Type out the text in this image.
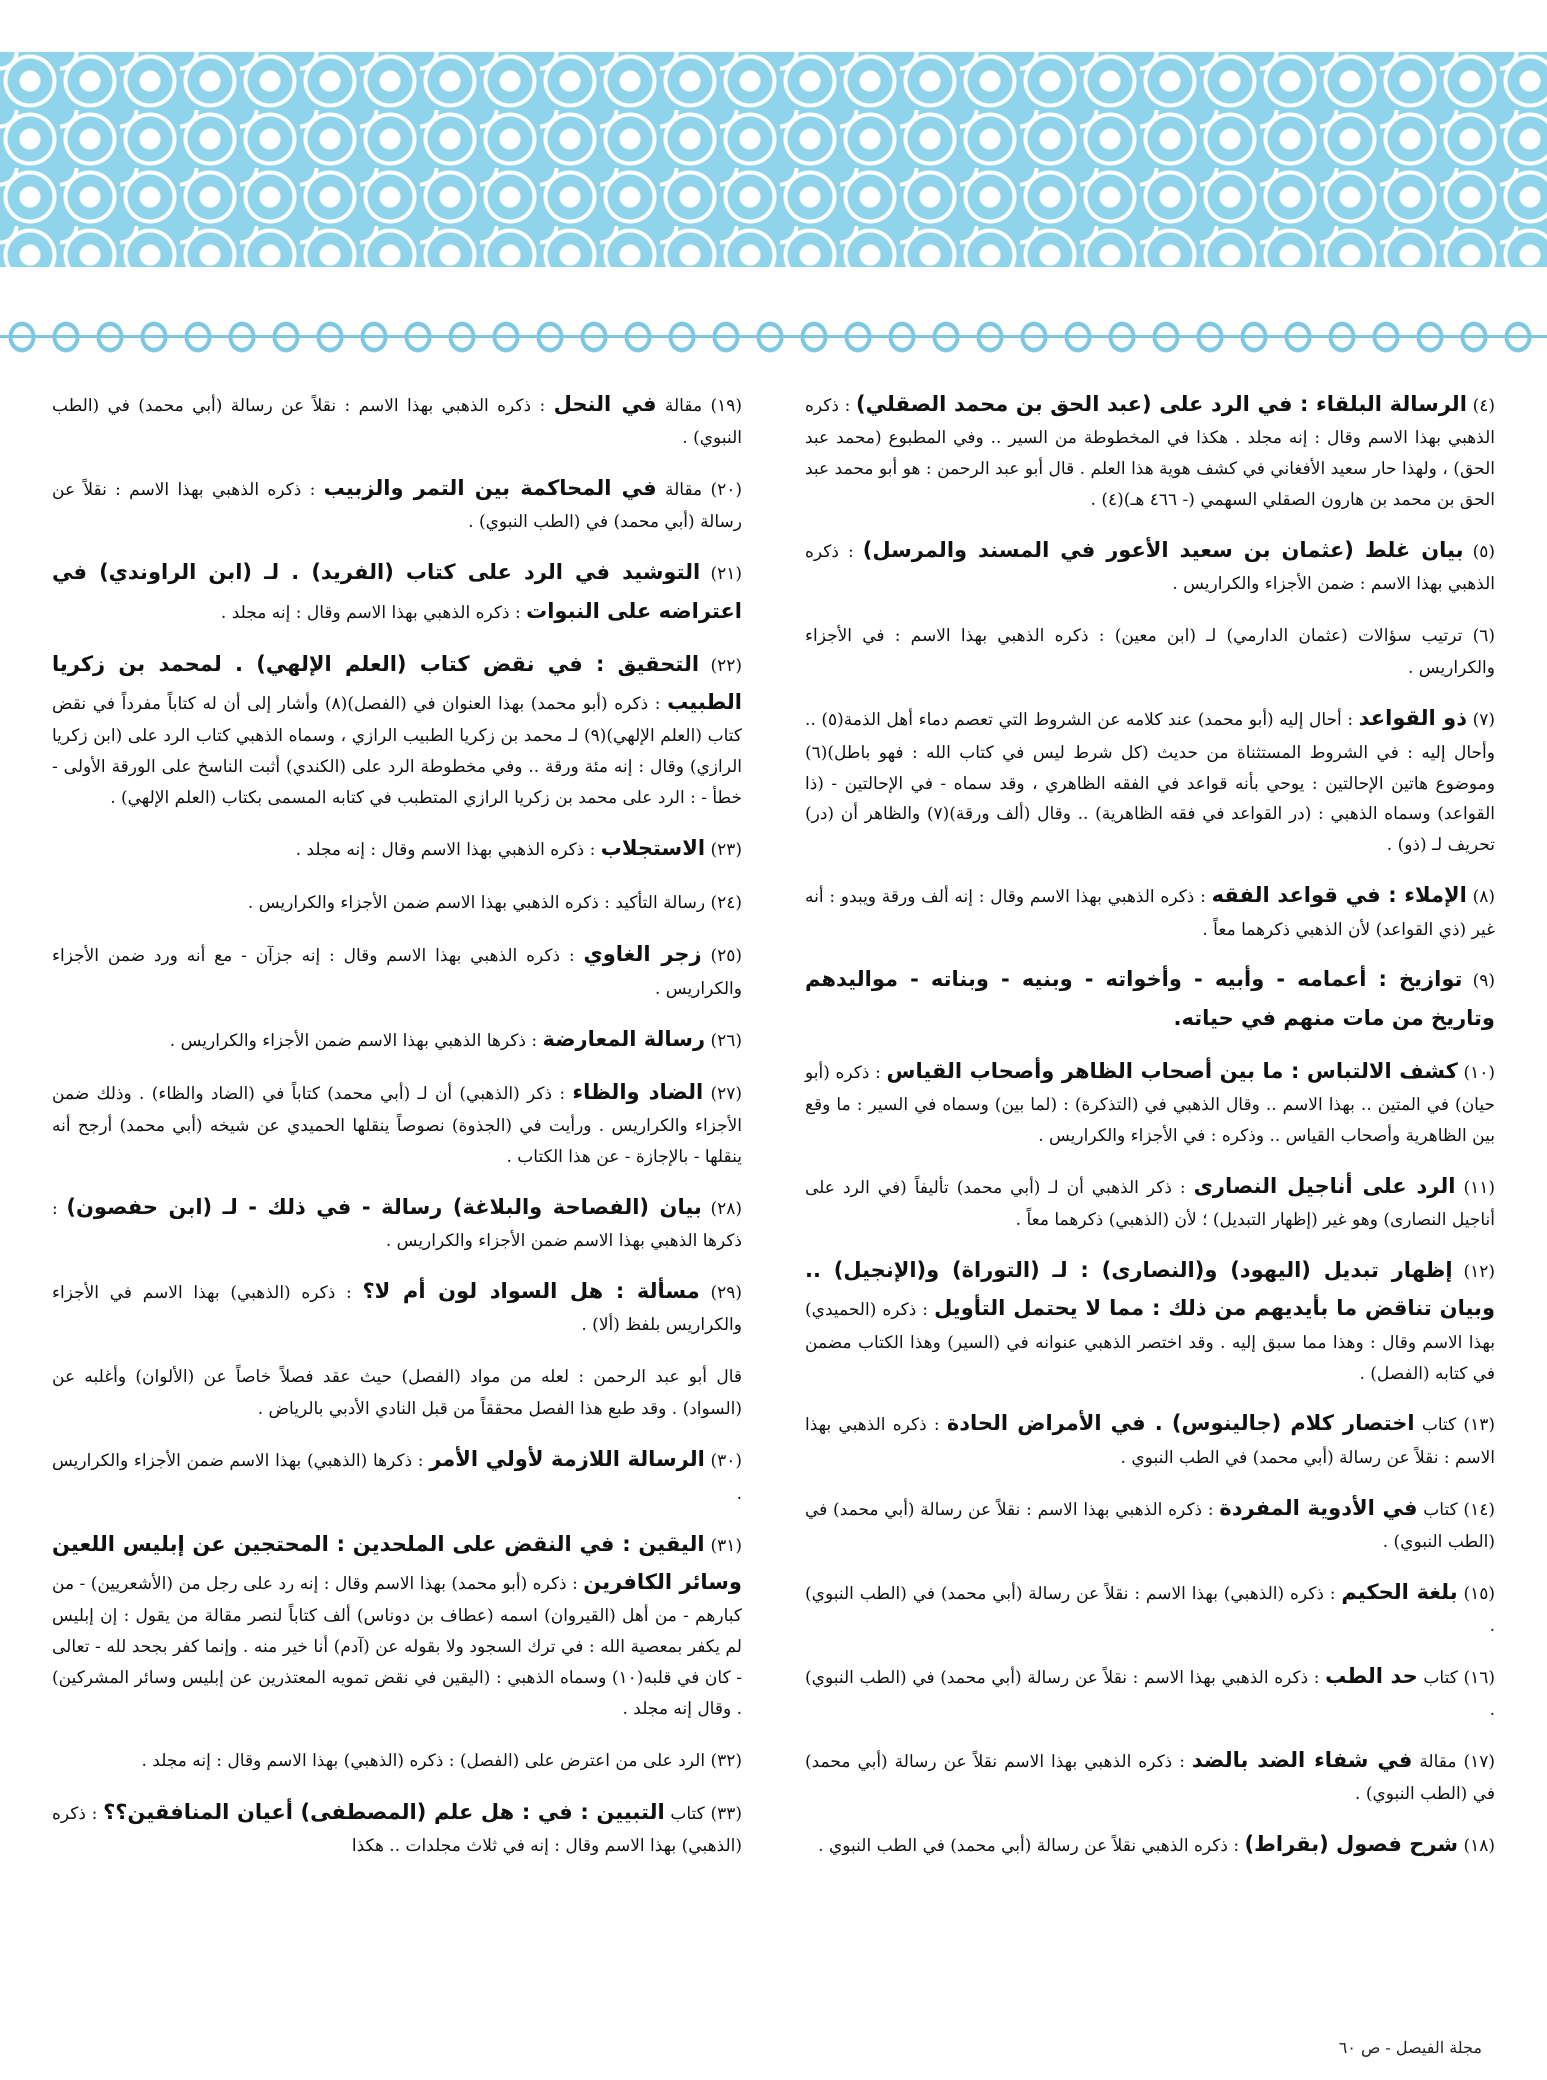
(٤) الرسالة البلقاء : في الرد على (عبد الحق بن محمد الصقلي) : ذكره الذهبي بهذا الاسم وقال : إنه مجلد . هكذا في المخطوطة من السير .. وفي المطبوع (محمد عبد الحق) ، ولهذا حار سعيد الأفغاني في كشف هوية هذا العلم . قال أبو عبد الرحمن : هو أبو محمد عبد الحق بن محمد بن هارون الصقلي السهمي (- ٤٦٦ هـ)(٤) .

(٥) بيان غلط (عثمان بن سعيد الأعور في المسند والمرسل) : ذكره الذهبي بهذا الاسم : ضمن الأجزاء والكراريس .

(٦) ترتيب سؤالات (عثمان الدارمي) لـ (ابن معين) : ذكره الذهبي بهذا الاسم : في الأجزاء والكراريس .

(٧) ذو القواعد : أحال إليه (أبو محمد) عند كلامه عن الشروط التي تعصم دماء أهل الذمة(٥) .. وأحال إليه : في الشروط المستثناة من حديث (كل شرط ليس في كتاب الله : فهو باطل)(٦) وموضوع هاتين الإحالتين : يوحي بأنه قواعد في الفقه الظاهري ، وقد سماه - في الإحالتين - (ذا القواعد) وسماه الذهبي : (در القواعد في فقه الظاهرية) .. وقال (ألف ورقة)(٧) والظاهر أن (در) تحريف لـ (ذو) .

(٨) الإملاء : في قواعد الفقه : ذكره الذهبي بهذا الاسم وقال : إنه ألف ورقة ويبدو : أنه غير (ذي القواعد) لأن الذهبي ذكرهما معاً .

(٩) توازيخ : أعمامه - وأبيه - وأخواته - وبنيه - وبناته - مواليدهم وتاريخ من مات منهم في حياته.

(١٠) كشف الالتباس : ما بين أصحاب الظاهر وأصحاب القياس : ذكره (أبو حيان) في المتين .. بهذا الاسم .. وقال الذهبي في (التذكرة) : (لما بين) وسماه في السير : ما وقع بين الظاهرية وأصحاب القياس .. وذكره : في الأجزاء والكراريس .

(١١) الرد على أناجيل النصارى : ذكر الذهبي أن لـ (أبي محمد) تأليفاً (في الرد على أناجيل النصارى) وهو غير (إظهار التبديل) ؛ لأن (الذهبي) ذكرهما معاً .

(١٢) إظهار تبديل (اليهود) و(النصارى) : لـ (التوراة) و(الإنجيل) .. وبيان تناقض ما بأيديهم من ذلك : مما لا يحتمل التأويل : ذكره (الحميدي) بهذا الاسم وقال : وهذا مما سبق إليه . وقد اختصر الذهبي عنوانه في (السير) وهذا الكتاب مضمن في كتابه (الفصل) .

(١٣) كتاب اختصار كلام (جالينوس) . في الأمراض الحادة : ذكره الذهبي بهذا الاسم : نقلاً عن رسالة (أبي محمد) في الطب النبوي .

(١٤) كتاب في الأدوية المفردة : ذكره الذهبي بهذا الاسم : نقلاً عن رسالة (أبي محمد) في (الطب النبوي) .

(١٥) بلغة الحكيم : ذكره (الذهبي) بهذا الاسم : نقلاً عن رسالة (أبي محمد) في (الطب النبوي) .

(١٦) كتاب حد الطب : ذكره الذهبي بهذا الاسم : نقلاً عن رسالة (أبي محمد) في (الطب النبوي) .

(١٧) مقالة في شفاء الضد بالضد : ذكره الذهبي بهذا الاسم نقلاً عن رسالة (أبي محمد) في (الطب النبوي) .

(١٨) شرح فصول (بقراط) : ذكره الذهبي نقلاً عن رسالة (أبي محمد) في الطب النبوي .

(١٩) مقالة في النحل : ذكره الذهبي بهذا الاسم : نقلاً عن رسالة (أبي محمد) في (الطب النبوي) .

(٢٠) مقالة في المحاكمة بين التمر والزبيب : ذكره الذهبي بهذا الاسم : نقلاً عن رسالة (أبي محمد) في (الطب النبوي) .

(٢١) التوشيد في الرد على كتاب (الفريد) . لـ (ابن الراوندي) في اعتراضه على النبوات : ذكره الذهبي بهذا الاسم وقال : إنه مجلد .

(٢٢) التحقيق : في نقض كتاب (العلم الإلهي) . لمحمد بن زكريا الطبيب : ذكره (أبو محمد) بهذا العنوان في (الفصل)(٨) وأشار إلى أن له كتاباً مفرداً في نقض كتاب (العلم الإلهي)(٩) لـ محمد بن زكريا الطبيب الرازي ، وسماه الذهبي كتاب الرد على (ابن زكريا الرازي) وقال : إنه مئة ورقة .. وفي مخطوطة الرد على (الكندي) أثبت الناسخ على الورقة الأولى - خطأ - : الرد على محمد بن زكريا الرازي المتطبب في كتابه المسمى بكتاب (العلم الإلهي) .

(٢٣) الاستجلاب : ذكره الذهبي بهذا الاسم وقال : إنه مجلد .

(٢٤) رسالة التأكيد : ذكره الذهبي بهذا الاسم ضمن الأجزاء والكراريس .

(٢٥) زجر الغاوي : ذكره الذهبي بهذا الاسم وقال : إنه جزآن - مع أنه ورد ضمن الأجزاء والكراريس .

(٢٦) رسالة المعارضة : ذكرها الذهبي بهذا الاسم ضمن الأجزاء والكراريس .

(٢٧) الضاد والظاء : ذكر (الذهبي) أن لـ (أبي محمد) كتاباً في (الضاد والظاء) . وذلك ضمن الأجزاء والكراريس . ورأيت في (الجذوة) نصوصاً ينقلها الحميدي عن شيخه (أبي محمد) أرجح أنه ينقلها - بالإجازة - عن هذا الكتاب .

(٢٨) بيان (الفصاحة والبلاغة) رسالة - في ذلك - لـ (ابن حفصون) : ذكرها الذهبي بهذا الاسم ضمن الأجزاء والكراريس .

(٢٩) مسألة : هل السواد لون أم لا؟ : ذكره (الذهبي) بهذا الاسم في الأجزاء والكراريس بلفظ (ألا) .

قال أبو عبد الرحمن : لعله من مواد (الفصل) حيث عقد فصلاً خاصاً عن (الألوان) وأغلبه عن (السواد) . وقد طبع هذا الفصل محققاً من قبل النادي الأدبي بالرياض .

(٣٠) الرسالة اللازمة لأولي الأمر : ذكرها (الذهبي) بهذا الاسم ضمن الأجزاء والكراريس .

(٣١) اليقين : في النقض على الملحدين : المحتجين عن إبليس اللعين وسائر الكافرين : ذكره (أبو محمد) بهذا الاسم وقال : إنه رد على رجل من (الأشعريين) - من كبارهم - من أهل (القيروان) اسمه (عطاف بن دوناس) ألف كتاباً لنصر مقالة من يقول : إن إبليس لم يكفر بمعصية الله : في ترك السجود ولا بقوله عن (آدم) أنا خير منه . وإنما كفر بجحد لله - تعالى - كان في قلبه(١٠) وسماه الذهبي : (اليقين في نقض تمويه المعتذرين عن إبليس وسائر المشركين) . وقال إنه مجلد .

(٣٢) الرد على من اعترض على (الفصل) : ذكره (الذهبي) بهذا الاسم وقال : إنه مجلد .

(٣٣) كتاب التبيين : في : هل علم (المصطفى) أعيان المنافقين؟؟ : ذكره (الذهبي) بهذا الاسم وقال : إنه في ثلاث مجلدات .. هكذا

مجلة الفيصل - ص ٦٠
